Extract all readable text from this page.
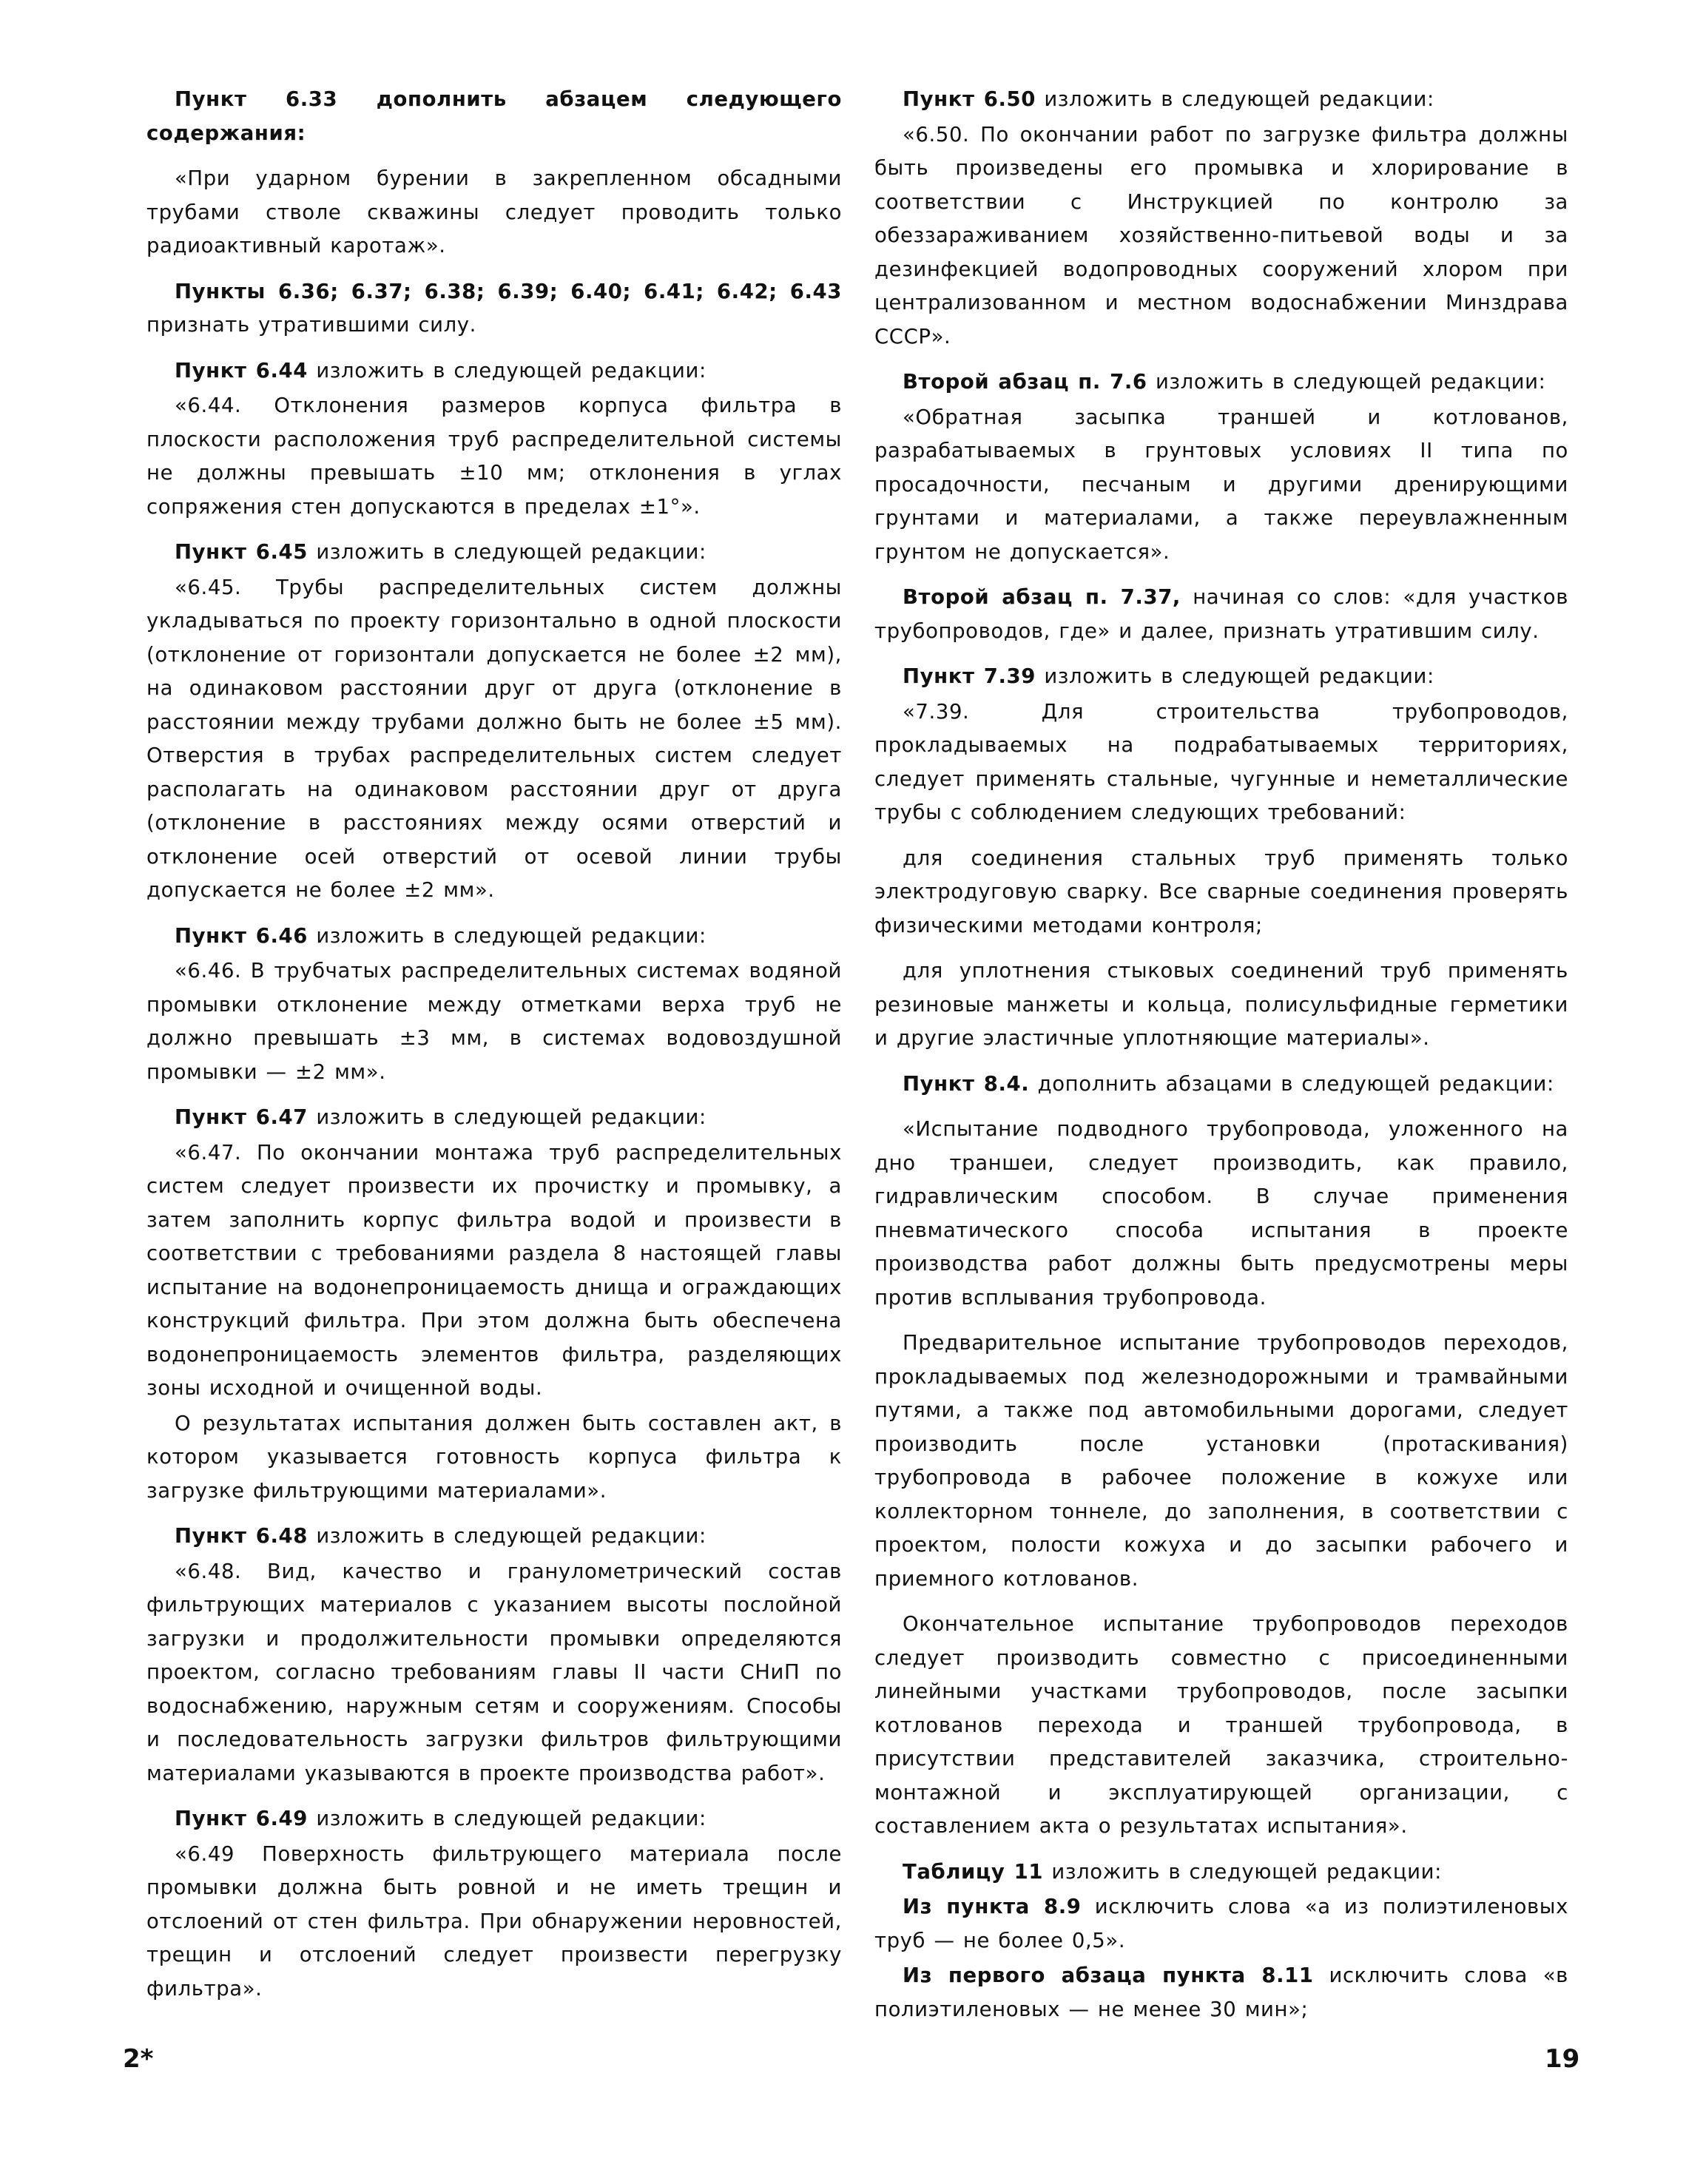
Пункт 6.33 дополнить абзацем следующего содержания:

«При ударном бурении в закрепленном обсадными трубами стволе скважины следует проводить только радиоактивный каротаж».

Пункты 6.36; 6.37; 6.38; 6.39; 6.40; 6.41; 6.42; 6.43 признать утратившими силу.

Пункт 6.44 изложить в следующей редакции:

«6.44. Отклонения размеров корпуса фильтра в плоскости расположения труб распределительной системы не должны превышать ±10 мм; отклонения в углах сопряжения стен допускаются в пределах ±1°».

Пункт 6.45 изложить в следующей редакции:

«6.45. Трубы распределительных систем должны укладываться по проекту горизонтально в одной плоскости (отклонение от горизонтали допускается не более ±2 мм), на одинаковом расстоянии друг от друга (отклонение в расстоянии между трубами должно быть не более ±5 мм). Отверстия в трубах распределительных систем следует располагать на одинаковом расстоянии друг от друга (отклонение в расстояниях между осями отверстий и отклонение осей отверстий от осевой линии трубы допускается не более ±2 мм».

Пункт 6.46 изложить в следующей редакции:

«6.46. В трубчатых распределительных системах водяной промывки отклонение между отметками верха труб не должно превышать ±3 мм, в системах водовоздушной промывки — ±2 мм».

Пункт 6.47 изложить в следующей редакции:

«6.47. По окончании монтажа труб распределительных систем следует произвести их прочистку и промывку, а затем заполнить корпус фильтра водой и произвести в соответствии с требованиями раздела 8 настоящей главы испытание на водонепроницаемость днища и ограждающих конструкций фильтра. При этом должна быть обеспечена водонепроницаемость элементов фильтра, разделяющих зоны исходной и очищенной воды.

О результатах испытания должен быть составлен акт, в котором указывается готовность корпуса фильтра к загрузке фильтрующими материалами».

Пункт 6.48 изложить в следующей редакции:

«6.48. Вид, качество и гранулометрический состав фильтрующих материалов с указанием высоты послойной загрузки и продолжительности промывки определяются проектом, согласно требованиям главы II части СНиП по водоснабжению, наружным сетям и сооружениям. Способы и последовательность загрузки фильтров фильтрующими материалами указываются в проекте производства работ».

Пункт 6.49 изложить в следующей редакции:

«6.49 Поверхность фильтрующего материала после промывки должна быть ровной и не иметь трещин и отслоений от стен фильтра. При обнаружении неровностей, трещин и отслоений следует произвести перегрузку фильтра».

Пункт 6.50 изложить в следующей редакции:

«6.50. По окончании работ по загрузке фильтра должны быть произведены его промывка и хлорирование в соответствии с Инструкцией по контролю за обеззараживанием хозяйственно-питьевой воды и за дезинфекцией водопроводных сооружений хлором при централизованном и местном водоснабжении Минздрава СССР».

Второй абзац п. 7.6 изложить в следующей редакции:

«Обратная засыпка траншей и котлованов, разрабатываемых в грунтовых условиях II типа по просадочности, песчаным и другими дренирующими грунтами и материалами, а также переувлажненным грунтом не допускается».

Второй абзац п. 7.37, начиная со слов: «для участков трубопроводов, где» и далее, признать утратившим силу.

Пункт 7.39 изложить в следующей редакции:

«7.39. Для строительства трубопроводов, прокладываемых на подрабатываемых территориях, следует применять стальные, чугунные и неметаллические трубы с соблюдением следующих требований:

для соединения стальных труб применять только электродуговую сварку. Все сварные соединения проверять физическими методами контроля;

для уплотнения стыковых соединений труб применять резиновые манжеты и кольца, полисульфидные герметики и другие эластичные уплотняющие материалы».

Пункт 8.4. дополнить абзацами в следующей редакции:

«Испытание подводного трубопровода, уложенного на дно траншеи, следует производить, как правило, гидравлическим способом. В случае применения пневматического способа испытания в проекте производства работ должны быть предусмотрены меры против всплывания трубопровода.

Предварительное испытание трубопроводов переходов, прокладываемых под железнодорожными и трамвайными путями, а также под автомобильными дорогами, следует производить после установки (протаскивания) трубопровода в рабочее положение в кожухе или коллекторном тоннеле, до заполнения, в соответствии с проектом, полости кожуха и до засыпки рабочего и приемного котлованов.

Окончательное испытание трубопроводов переходов следует производить совместно с присоединенными линейными участками трубопроводов, после засыпки котлованов перехода и траншей трубопровода, в присутствии представителей заказчика, строительно-монтажной и эксплуатирующей организации, с составлением акта о результатах испытания».

Таблицу 11 изложить в следующей редакции:

Из пункта 8.9 исключить слова «а из полиэтиленовых труб — не более 0,5».

Из первого абзаца пункта 8.11 исключить слова «в полиэтиленовых — не менее 30 мин»;

2*	19
